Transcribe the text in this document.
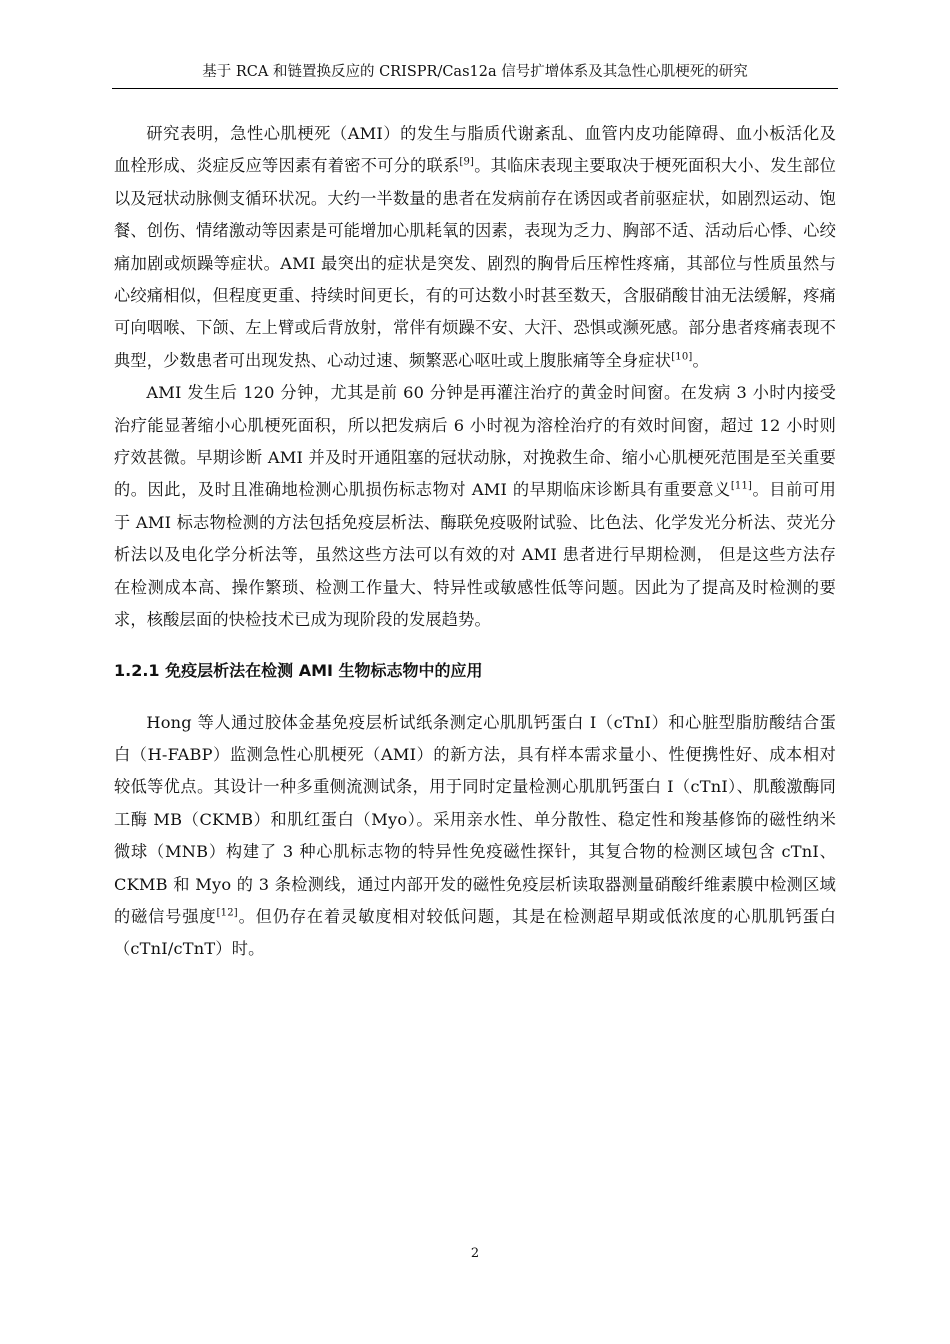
基于 RCA 和链置换反应的 CRISPR/Cas12a 信号扩增体系及其急性心肌梗死的研究

研究表明，急性心肌梗死（AMI）的发生与脂质代谢紊乱、血管内皮功能障碍、血小板活化及血栓形成、炎症反应等因素有着密不可分的联系[9]。其临床表现主要取决于梗死面积大小、发生部位以及冠状动脉侧支循环状况。大约一半数量的患者在发病前存在诱因或者前驱症状，如剧烈运动、饱餐、创伤、情绪激动等因素是可能增加心肌耗氧的因素，表现为乏力、胸部不适、活动后心悸、心绞痛加剧或烦躁等症状。AMI 最突出的症状是突发、剧烈的胸骨后压榨性疼痛，其部位与性质虽然与心绞痛相似，但程度更重、持续时间更长，有的可达数小时甚至数天，含服硝酸甘油无法缓解，疼痛可向咽喉、下颌、左上臂或后背放射，常伴有烦躁不安、大汗、恐惧或濒死感。部分患者疼痛表现不典型，少数患者可出现发热、心动过速、频繁恶心呕吐或上腹胀痛等全身症状[10]。

AMI 发生后 120 分钟，尤其是前 60 分钟是再灌注治疗的黄金时间窗。在发病 3 小时内接受治疗能显著缩小心肌梗死面积，所以把发病后 6 小时视为溶栓治疗的有效时间窗，超过 12 小时则疗效甚微。早期诊断 AMI 并及时开通阻塞的冠状动脉，对挽救生命、缩小心肌梗死范围是至关重要的。因此，及时且准确地检测心肌损伤标志物对 AMI 的早期临床诊断具有重要意义[11]。目前可用于 AMI 标志物检测的方法包括免疫层析法、酶联免疫吸附试验、比色法、化学发光分析法、荧光分析法以及电化学分析法等，虽然这些方法可以有效的对 AMI 患者进行早期检测， 但是这些方法存在检测成本高、操作繁琐、检测工作量大、特异性或敏感性低等问题。因此为了提高及时检测的要求，核酸层面的快检技术已成为现阶段的发展趋势。

1.2.1 免疫层析法在检测 AMI 生物标志物中的应用

Hong 等人通过胶体金基免疫层析试纸条测定心肌肌钙蛋白 I（cTnI）和心脏型脂肪酸结合蛋白（H-FABP）监测急性心肌梗死（AMI）的新方法，具有样本需求量小、性便携性好、成本相对较低等优点。其设计一种多重侧流测试条，用于同时定量检测心肌肌钙蛋白 I（cTnI）、肌酸激酶同工酶 MB（CKMB）和肌红蛋白（Myo）。采用亲水性、单分散性、稳定性和羧基修饰的磁性纳米微球（MNB）构建了 3 种心肌标志物的特异性免疫磁性探针，其复合物的检测区域包含 cTnI、CKMB 和 Myo 的 3 条检测线，通过内部开发的磁性免疫层析读取器测量硝酸纤维素膜中检测区域的磁信号强度[12]。但仍存在着灵敏度相对较低问题，其是在检测超早期或低浓度的心肌肌钙蛋白（cTnI/cTnT）时。

2
